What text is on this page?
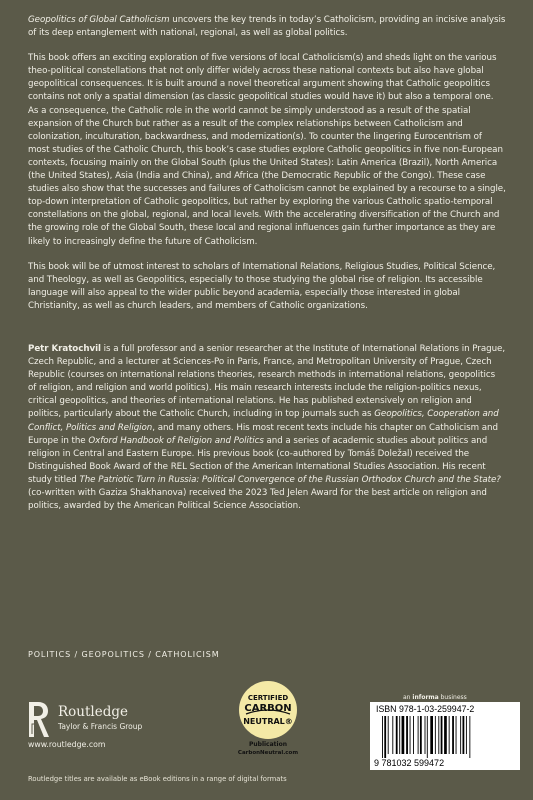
Geopolitics of Global Catholicism uncovers the key trends in today’s Catholicism, providing an incisive analysis of its deep entanglement with national, regional, as well as global politics.

This book offers an exciting exploration of five versions of local Catholicism(s) and sheds light on the various theo-political constellations that not only differ widely across these national contexts but also have global geopolitical consequences. It is built around a novel theoretical argument showing that Catholic geopolitics contains not only a spatial dimension (as classic geopolitical studies would have it) but also a temporal one. As a consequence, the Catholic role in the world cannot be simply understood as a result of the spatial expansion of the Church but rather as a result of the complex relationships between Catholicism and colonization, inculturation, backwardness, and modernization(s). To counter the lingering Eurocentrism of most studies of the Catholic Church, this book’s case studies explore Catholic geopolitics in five non-European contexts, focusing mainly on the Global South (plus the United States): Latin America (Brazil), North America (the United States), Asia (India and China), and Africa (the Democratic Republic of the Congo). These case studies also show that the successes and failures of Catholicism cannot be explained by a recourse to a single, top-down interpretation of Catholic geopolitics, but rather by exploring the various Catholic spatio-temporal constellations on the global, regional, and local levels. With the accelerating diversification of the Church and the growing role of the Global South, these local and regional influences gain further importance as they are likely to increasingly define the future of Catholicism.

This book will be of utmost interest to scholars of International Relations, Religious Studies, Political Science, and Theology, as well as Geopolitics, especially to those studying the global rise of religion. Its accessible language will also appeal to the wider public beyond academia, especially those interested in global Christianity, as well as church leaders, and members of Catholic organizations.

Petr Kratochvil is a full professor and a senior researcher at the Institute of International Relations in Prague, Czech Republic, and a lecturer at Sciences-Po in Paris, France, and Metropolitan University of Prague, Czech Republic (courses on international relations theories, research methods in international relations, geopolitics of religion, and religion and world politics). His main research interests include the religion-politics nexus, critical geopolitics, and theories of international relations. He has published extensively on religion and politics, particularly about the Catholic Church, including in top journals such as Geopolitics, Cooperation and Conflict, Politics and Religion, and many others. His most recent texts include his chapter on Catholicism and Europe in the Oxford Handbook of Religion and Politics and a series of academic studies about politics and religion in Central and Eastern Europe. His previous book (co-authored by Tomáš Doležal) received the Distinguished Book Award of the REL Section of the American International Studies Association. His recent study titled The Patriotic Turn in Russia: Political Convergence of the Russian Orthodox Church and the State? (co-written with Gaziza Shakhanova) received the 2023 Ted Jelen Award for the best article on religion and politics, awarded by the American Political Science Association.

POLITICS / GEOPOLITICS / CATHOLICISM
Routledge
Taylor & Francis Group
www.routledge.com
CERTIFIED
CARBON
NEUTRAL®
Publication
CarbonNeutral.com
an informa business
ISBN 978-1-03-259947-2
9 781032 599472
Routledge titles are available as eBook editions in a range of digital formats
